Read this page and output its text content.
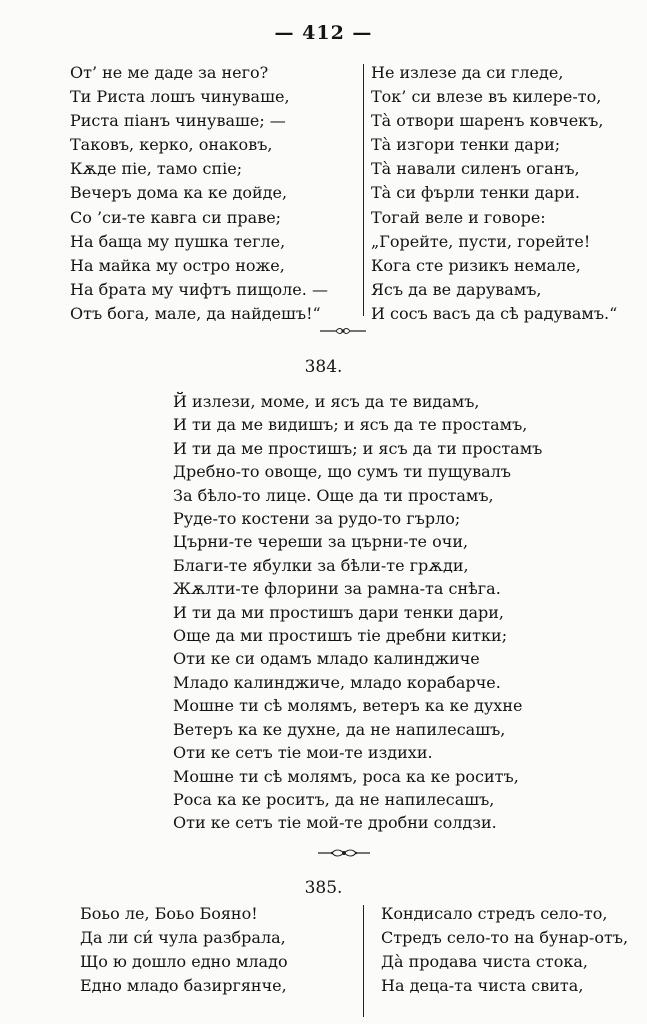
— 412 —
От’ не ме даде за него?
Ти Риста лошъ чинуваше,
Риста піанъ чинуваше; —
Таковъ, керко, онаковъ,
Кѫде піе, тамо спіе;
Вечеръ дома ка ке дойде,
Со ’си-те кавга си праве;
На баща му пушка тегле,
На майка му остро ноже,
На брата му чифтъ пищоле. —
Отъ бога, мале, да найдешъ!“
Не излезе да си гледе,
Ток’ си влезе въ килере-то,
Тà отвори шаренъ ковчекъ,
Тà изгори тенки дари;
Тà навали силенъ оганъ,
Тà си фърли тенки дари.
Тогай веле и говоре:
„Горейте, пусти, горейте!
Кога сте ризикъ немале,
Ясъ да ве дарувамъ,
И сосъ васъ да сѣ радувамъ.“
384.
Й излези, моме, и ясъ да те видамъ,
И ти да ме видишъ; и ясъ да те простамъ,
И ти да ме простишъ; и ясъ да ти простамъ
Дребно-то овоще, що сумъ ти пущувалъ
За бѣло-то лице. Още да ти простамъ,
Руде-то костени за рудо-то гърло;
Църни-те череши за църни-те очи,
Благи-те ябулки за бѣли-те грѫди,
Жѫлти-те флорини за рамна-та снѣга.
И ти да ми простишъ дари тенки дари,
Още да ми простишъ тіе дребни китки;
Оти ке си одамъ младо калинджиче
Младо калинджиче, младо корабарче.
Мошне ти сѣ молямъ, ветеръ ка ке духне
Ветеръ ка ке духне, да не напилесашъ,
Оти ке сетъ тіе мои-те издихи.
Мошне ти сѣ молямъ, роса ка ке роситъ,
Роса ка ке роситъ, да не напилесашъ,
Оти ке сетъ тіе мой-те дробни солдзи.
385.
Боьо ле, Боьо Бояно!
Да ли си́ чула разбрала,
Що ю дошло едно младо
Едно младо базиргянче,
Кондисало стредъ село-то,
Стредъ село-то на бунар-отъ,
Дà продава чиста стока,
На деца-та чиста свита,
